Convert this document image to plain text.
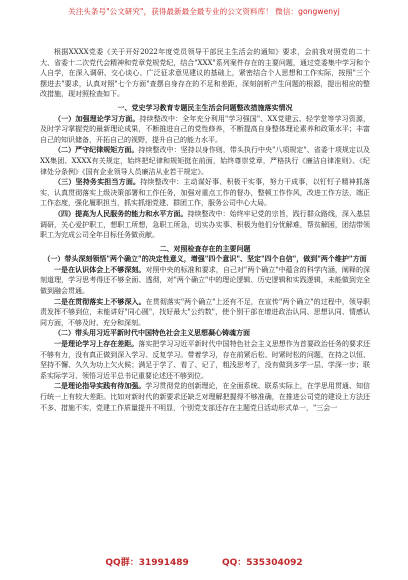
关注头条号"公文研究"，获得最新最全最专业的公文资料库！ 微信：gongwenyj

根据XXXX党委《关于开好2022年度党员领导干部民主生活会的通知》要求，会前我对照党的二十大、省委十二次党代会精神和党章党规党纪，结合"XXX"系列案件存在的主要问题，通过党委集中学习和个人自学，在深入调研、交心谈心、广泛征求意见建议的基础上，紧密结合个人思想和工作实际，按照"三个摆进去"要求，认真对照"七个方面"查摆自身存在的不足和差距，深刻剖析产生问题的根源，提出相应的整改措施，现对照检查如下。

一、党史学习教育专题民主生活会问题整改措施落实情况

（一）加强理论学习方面。持续整改中：全年充分利用"学习强国"、XX党建云、轻学堂等学习资源，及时学习掌握党的最新理论成果，不断推进自己的党性修养，不断提高自身整体理论素养和政策水平；丰富自己的知识储备，开拓自己的视野，提升自己的能力水平。

（二）严守纪律规矩方面。持续整改中：坚持以身作则，带头执行中央"八项规定"、省委十项规定以及XX集团、XXXX有关规定，始终把纪律和规矩挺在前面，始终尊崇党章，严格执行《廉洁自律准则》、《纪律处分条例》《国有企业领导人员廉洁从业若干规定》。

（三）坚持务实担当方面。持续整改中：主动谋好事、积极干实事，努力干成事，以钉钉子精神抓落实，认真贯彻落实上级决策部署和工作任务，加强对重点工作的督办，整顿工作作风，改进工作方法，端正工作态度，强化履职担当，抓实抓细党建、群团工作，服务公司中心大局。

（四）提高为人民服务的能力和水平方面。持续整改中：始终牢记党的宗旨，践行群众路线，深入基层调研，关心爱护职工，想职工所想，急职工所急，切实办实事、积极为他们分忧解难，帮贫解困，团结带领职工为完成公司全年目标任务做贡献。

二、对照检查存在的主要问题

（一）带头深刻领悟"两个确立"的决定性意义，增强"四个意识"、坚定"四个自信"，做到"两个维护"方面

一是在认识体会上不够深刻。对照中央的标准和要求，自己对"两个确立"中蕴含的科学内涵，阐释的深刻道理，学习思考得还不够全面、透彻，对"两个确立"中的理论逻辑、历史逻辑和实践逻辑，未能做到完全做到融会贯通。

二是在贯彻落实上不够深入。在贯彻落实"两个确立"上还有不足，在宣传"两个确立"的过程中，领导职责发挥不够到位，未能讲好"同心圆"，找好最大"公约数"，使个别干部在增进政治认同、思想认同、情感认同方面，不够及时、充分和深刻。

（二）带头用习近平新时代中国特色社会主义思想凝心铸魂方面

一是理论学习上存在差距。落实把学习习近平新时代中国特色社会主义思想作为首要政治任务的要求还不够有力，没有真正做到深入学习、反复学习。带着学习，存在前紧后松、时紧时松的问题，在持之以恒、坚持不懈、久久为功上欠火候；满足于学了、看了、记了，粗浅思考了，没有做到多学一层、学深一步；联系实际学习、领悟习近平总书记重要论述还不够到位。

二是理论指导实践有待加强。学习贯彻党的创新理论，在全面系统、联系实际上，在学思用贯通、知信行统一上有较大差距。比如对新时代的新要求还缺乏对理解把握得不够准确，在推进公司党的建设上方法还不多、措施不实，党建工作质量提升不明显，个别党支部还存在主题党日活动形式单一，"三会一

QQ群：31991489	QQ：535304092
